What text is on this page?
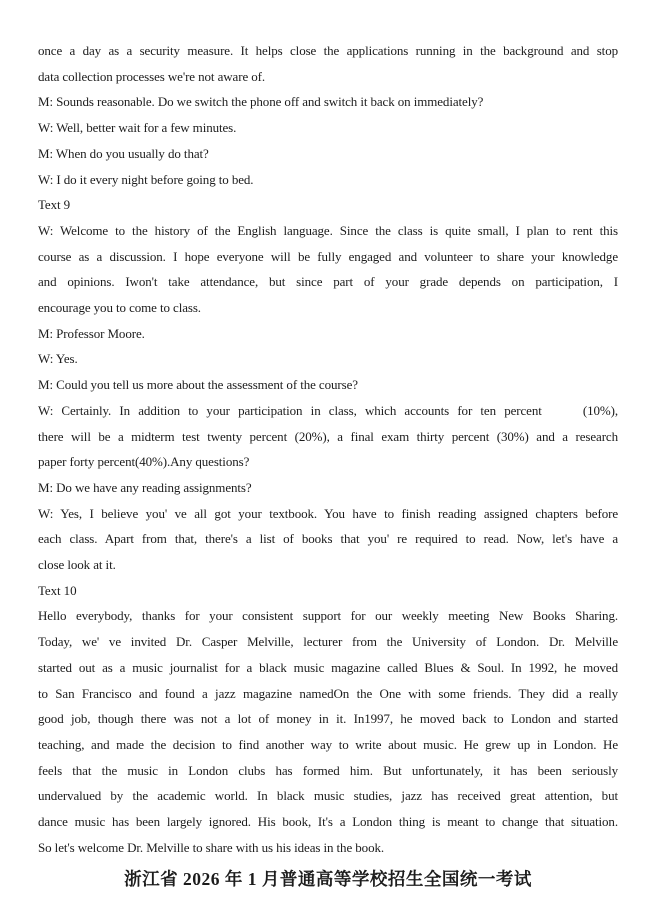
once a day as a security measure. It helps close the applications running in the background and stop
data collection processes we're not aware of.
M: Sounds reasonable. Do we switch the phone off and switch it back on immediately?
W: Well, better wait for a few minutes.
M: When do you usually do that?
W: I do it every night before going to bed.
Text 9
W: Welcome to the history of the English language. Since the class is quite small, I plan to rent this
course as a discussion. I hope everyone will be fully engaged and volunteer to share your knowledge
and opinions. Iwon't take attendance, but since part of your grade depends on participation, I
encourage you to come to class.
M: Professor Moore.
W: Yes.
M: Could you tell us more about the assessment of the course?
W: Certainly. In addition to your participation in class, which accounts for ten percent     (10%),
there will be a midterm test twenty percent (20%), a final exam thirty percent (30%) and a research
paper forty percent(40%).Any questions?
M: Do we have any reading assignments?
W: Yes, I believe you' ve all got your textbook. You have to finish reading assigned chapters before
each class. Apart from that, there's a list of books that you' re required to read. Now, let's have a
close look at it.
Text 10
Hello everybody, thanks for your consistent support for our weekly meeting New Books Sharing.
Today, we' ve invited Dr. Casper Melville, lecturer from the University of London. Dr. Melville
started out as a music journalist for a black music magazine called Blues & Soul. In 1992, he moved
to San Francisco and found a jazz magazine namedOn the One with some friends. They did a really
good job, though there was not a lot of money in it. In1997, he moved back to London and started
teaching, and made the decision to find another way to write about music. He grew up in London. He
feels that the music in London clubs has formed him. But unfortunately, it has been seriously
undervalued by the academic world. In black music studies, jazz has received great attention, but
dance music has been largely ignored. His book, It's a London thing is meant to change that situation.
So let's welcome Dr. Melville to share with us his ideas in the book.
浙江省 2026 年 1 月普通高等学校招生全国统一考试
